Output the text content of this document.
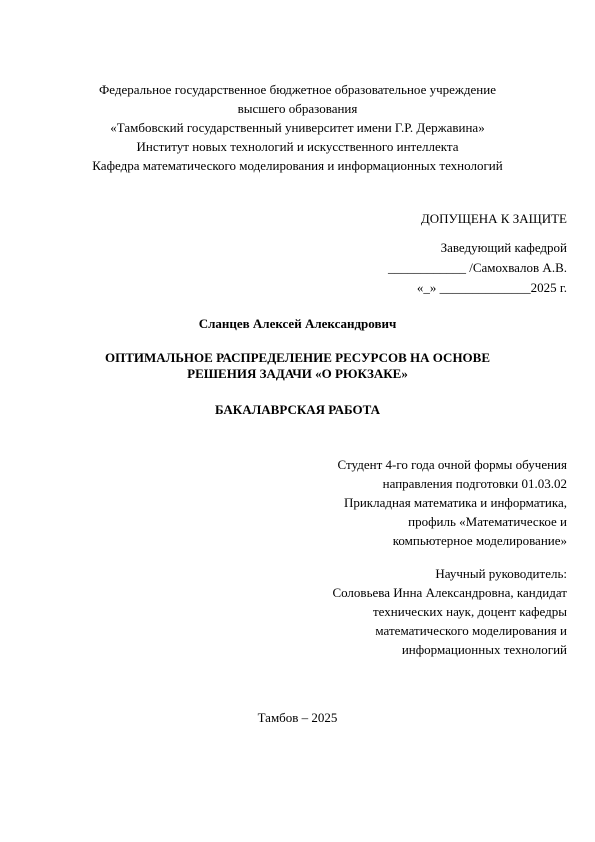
Федеральное государственное бюджетное образовательное учреждение
высшего образования
«Тамбовский государственный университет имени Г.Р. Державина»
Институт новых технологий и искусственного интеллекта
Кафедра математического моделирования и информационных технологий
ДОПУЩЕНА К ЗАЩИТЕ
Заведующий кафедрой
____________ /Самохвалов А.В.
«_» ______________2025 г.
Сланцев Алексей Александрович
ОПТИМАЛЬНОЕ РАСПРЕДЕЛЕНИЕ РЕСУРСОВ НА ОСНОВЕ
РЕШЕНИЯ ЗАДАЧИ «О РЮКЗАКЕ»
БАКАЛАВРСКАЯ РАБОТА
Студент 4-го года очной формы обучения
направления подготовки 01.03.02
Прикладная математика и информатика,
профиль «Математическое и
компьютерное моделирование»
Научный руководитель:
Соловьева Инна Александровна, кандидат
технических наук, доцент кафедры
математического моделирования и
информационных технологий
Тамбов – 2025
